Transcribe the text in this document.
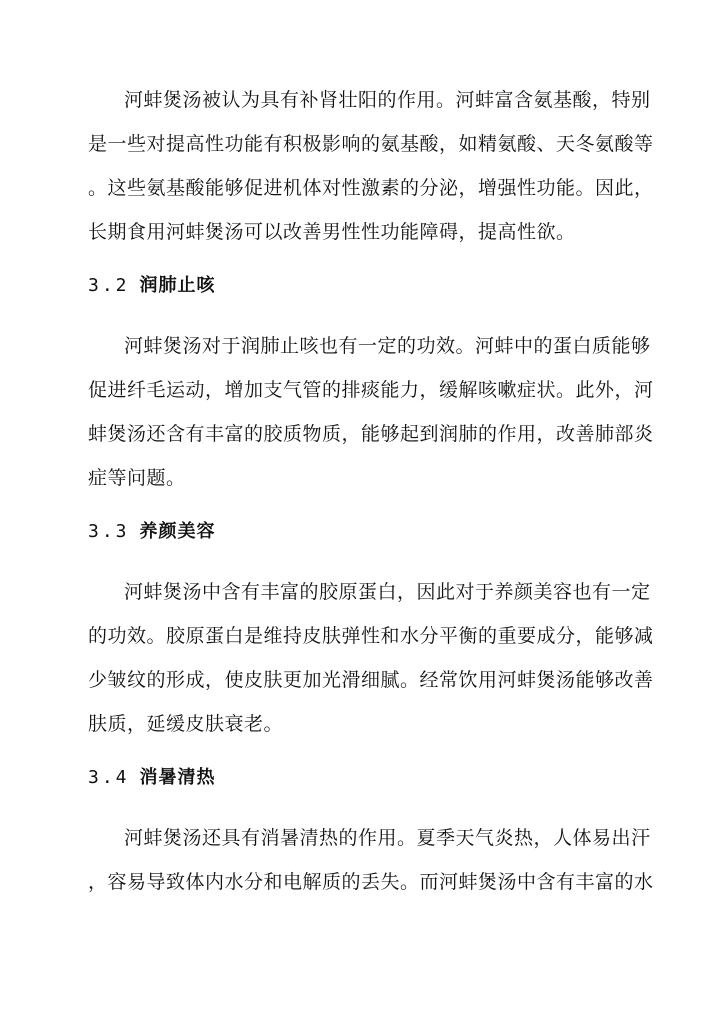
河蚌煲汤被认为具有补肾壮阳的作用。河蚌富含氨基酸，特别
是一些对提高性功能有积极影响的氨基酸，如精氨酸、天冬氨酸等
。这些氨基酸能够促进机体对性激素的分泌，增强性功能。因此，
长期食用河蚌煲汤可以改善男性性功能障碍，提高性欲。
3.2 润肺止咳
河蚌煲汤对于润肺止咳也有一定的功效。河蚌中的蛋白质能够
促进纤毛运动，增加支气管的排痰能力，缓解咳嗽症状。此外，河
蚌煲汤还含有丰富的胶质物质，能够起到润肺的作用，改善肺部炎
症等问题。
3.3 养颜美容
河蚌煲汤中含有丰富的胶原蛋白，因此对于养颜美容也有一定
的功效。胶原蛋白是维持皮肤弹性和水分平衡的重要成分，能够减
少皱纹的形成，使皮肤更加光滑细腻。经常饮用河蚌煲汤能够改善
肤质，延缓皮肤衰老。
3.4 消暑清热
河蚌煲汤还具有消暑清热的作用。夏季天气炎热，人体易出汗
，容易导致体内水分和电解质的丢失。而河蚌煲汤中含有丰富的水
